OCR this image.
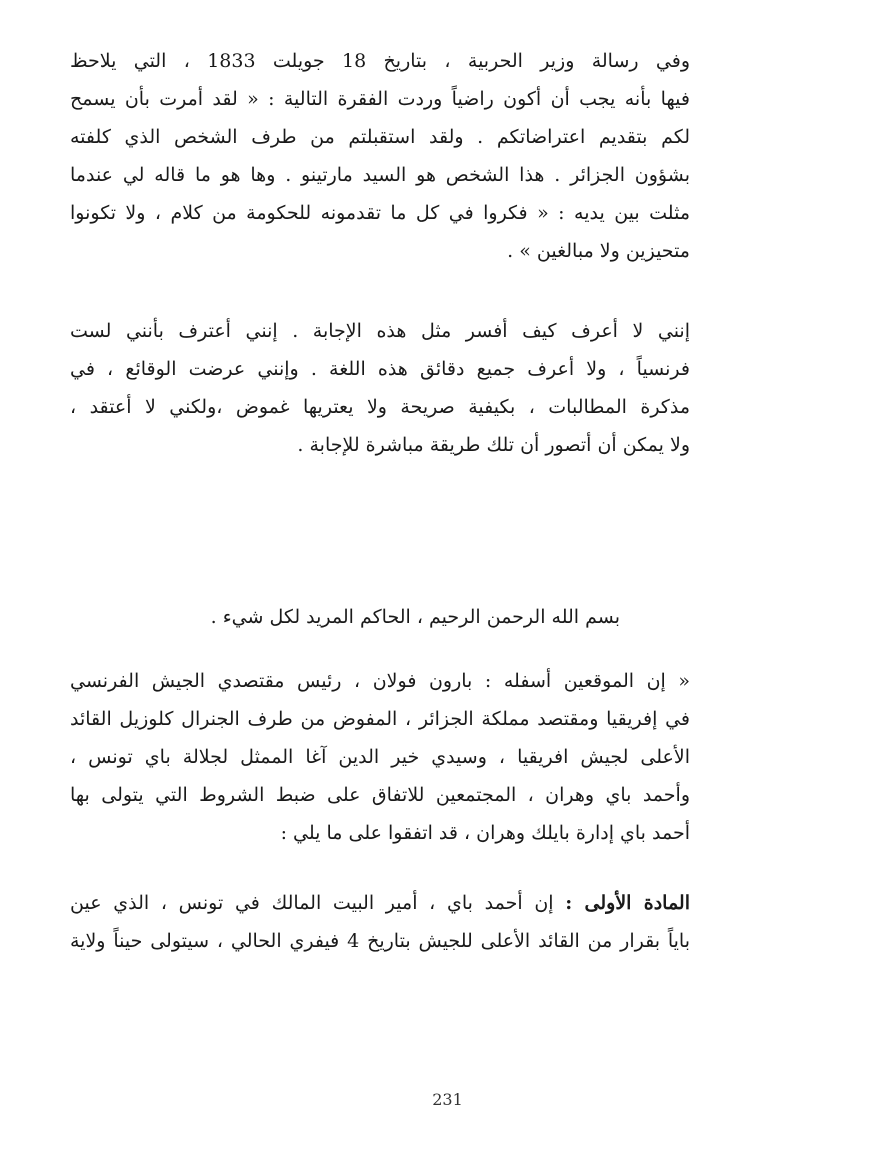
وفي رسالة وزير الحربية ، بتاريخ 18 جويلت 1833 ، التي يلاحظ
فيها بأنه يجب أن أكون راضياً وردت الفقرة التالية : « لقد أمرت بأن يسمح
لكم بتقديم اعتراضاتكم . ولقد استقبلتم من طرف الشخص الذي كلفته
بشؤون الجزائر . هذا الشخص هو السيد مارتينو . وها هو ما قاله لي عندما
مثلت بين يديه : « فكروا في كل ما تقدمونه للحكومة من كلام ، ولا تكونوا
متحيزين ولا مبالغين » .
إنني لا أعرف كيف أفسر مثل هذه الإجابة . إنني أعترف بأنني لست
فرنسياً ، ولا أعرف جميع دقائق هذه اللغة . وإنني عرضت الوقائع ، في
مذكرة المطالبات ، بكيفية صريحة ولا يعتريها غموض ،ولكني لا أعتقد ،
ولا يمكن أن أتصور أن تلك طريقة مباشرة للإجابة .
بسم الله الرحمن الرحيم ، الحاكم المريد لكل شيء .
« إن الموقعين أسفله : بارون فولان ، رئيس مقتصدي الجيش الفرنسي
في إفريقيا ومقتصد مملكة الجزائر ، المفوض من طرف الجنرال كلوزيل القائد
الأعلى لجيش افريقيا ، وسيدي خير الدين آغا الممثل لجلالة باي تونس ،
وأحمد باي وهران ، المجتمعين للاتفاق على ضبط الشروط التي يتولى بها
أحمد باي إدارة بايلك وهران ، قد اتفقوا على ما يلي :
المادة الأولى : إن أحمد باي ، أمير البيت المالك في تونس ، الذي عين
باياً بقرار من القائد الأعلى للجيش بتاريخ 4 فيفري الحالي ، سيتولى حيناً ولاية
231
